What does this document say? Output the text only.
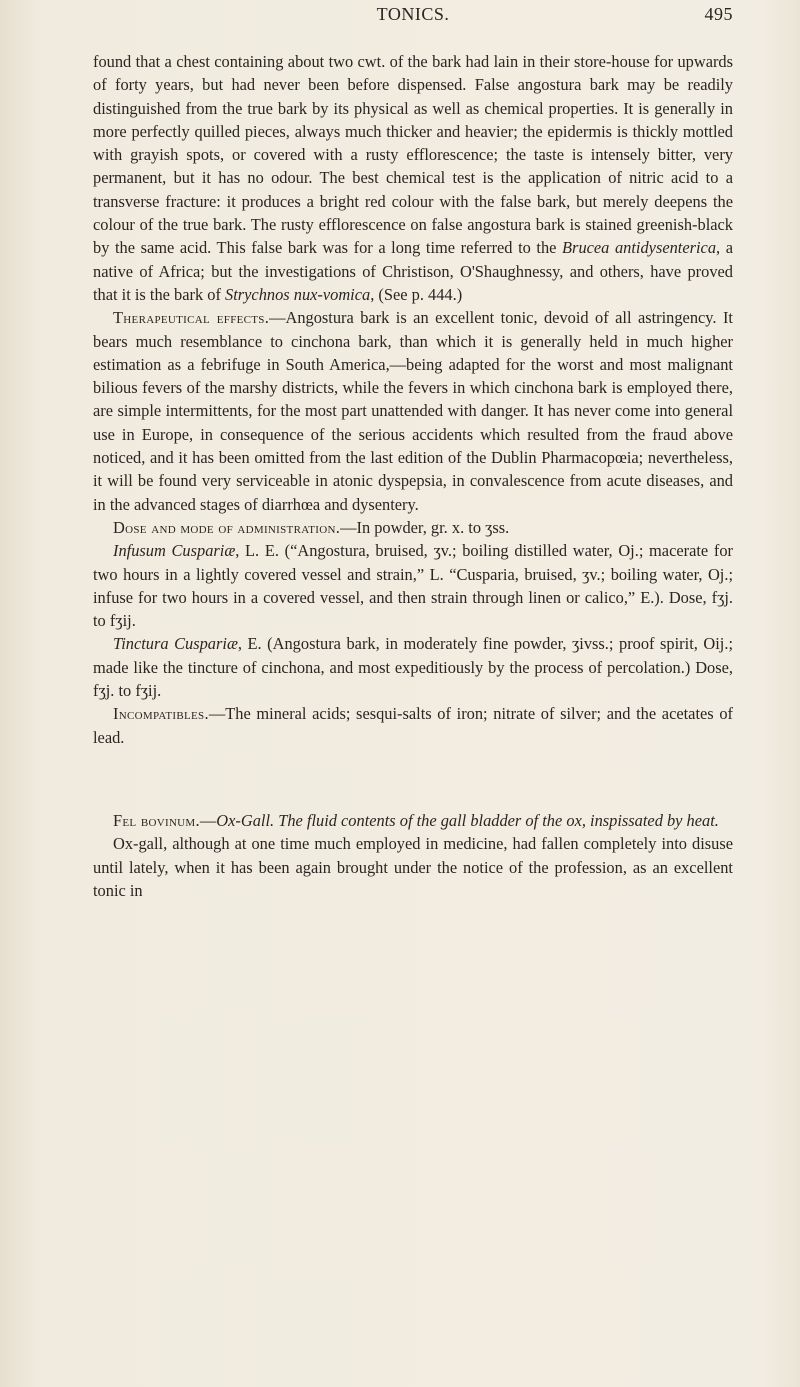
TONICS.	495

found that a chest containing about two cwt. of the bark had lain in their store-house for upwards of forty years, but had never been before dispensed. False angostura bark may be readily distinguished from the true bark by its physical as well as chemical properties. It is generally in more perfectly quilled pieces, always much thicker and heavier; the epidermis is thickly mottled with grayish spots, or covered with a rusty efflorescence; the taste is intensely bitter, very permanent, but it has no odour. The best chemical test is the application of nitric acid to a transverse fracture: it produces a bright red colour with the false bark, but merely deepens the colour of the true bark. The rusty efflorescence on false angostura bark is stained greenish-black by the same acid. This false bark was for a long time referred to the Brucea antidysenterica, a native of Africa; but the investigations of Christison, O'Shaughnessy, and others, have proved that it is the bark of Strychnos nux-vomica, (See p. 444.)

Therapeutical effects.—Angostura bark is an excellent tonic, devoid of all astringency. It bears much resemblance to cinchona bark, than which it is generally held in much higher estimation as a febrifuge in South America,—being adapted for the worst and most malignant bilious fevers of the marshy districts, while the fevers in which cinchona bark is employed there, are simple intermittents, for the most part unattended with danger. It has never come into general use in Europe, in consequence of the serious accidents which resulted from the fraud above noticed, and it has been omitted from the last edition of the Dublin Pharmacopœia; nevertheless, it will be found very serviceable in atonic dyspepsia, in convalescence from acute diseases, and in the advanced stages of diarrhœa and dysentery.

Dose and mode of administration.—In powder, gr. x. to ʒss.

Infusum Cuspariæ, L. E. (“Angostura, bruised, ʒv.; boiling distilled water, Oj.; macerate for two hours in a lightly covered vessel and strain,” L. “Cusparia, bruised, ʒv.; boiling water, Oj.; infuse for two hours in a covered vessel, and then strain through linen or calico,” E.). Dose, fʒj. to fʒij.

Tinctura Cuspariæ, E. (Angostura bark, in moderately fine powder, ʒivss.; proof spirit, Oij.; made like the tincture of cinchona, and most expeditiously by the process of percolation.) Dose, fʒj. to fʒij.

Incompatibles.—The mineral acids; sesqui-salts of iron; nitrate of silver; and the acetates of lead.

Fel bovinum.—Ox-Gall. The fluid contents of the gall bladder of the ox, inspissated by heat.

Ox-gall, although at one time much employed in medicine, had fallen completely into disuse until lately, when it has been again brought under the notice of the profession, as an excellent tonic in
